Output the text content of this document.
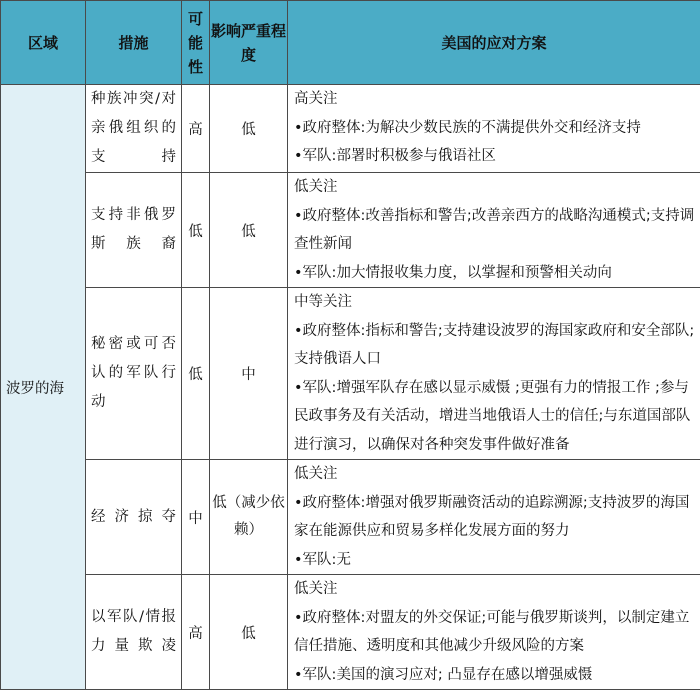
区域	措施	可能性	影响严重程度	美国的应对方案
波罗的海	种族冲突/对亲俄组织的支持	高	低	高关注
•政府整体:为解决少数民族的不满提供外交和经济支持
•军队:部署时积极参与俄语社区

	支持非俄罗斯族裔	低	低	低关注
•政府整体:改善指标和警告;改善亲西方的战略沟通模式;支持调查性新闻
•军队:加大情报收集力度，以掌握和预警相关动向

	秘密或可否认的军队行动	低	中	中等关注
•政府整体:指标和警告;支持建设波罗的海国家政府和安全部队;支持俄语人口
•军队:增强军队存在感以显示威慑 ;更强有力的情报工作 ;参与民政事务及有关活动，增进当地俄语人士的信任;与东道国部队进行演习，以确保对各种突发事件做好准备

	经济掠夺	中	低（减少依赖）	低关注
•政府整体:增强对俄罗斯融资活动的追踪溯源;支持波罗的海国家在能源供应和贸易多样化发展方面的努力
•军队:无

	以军队/情报力量欺凌	高	低	低关注
•政府整体:对盟友的外交保证;可能与俄罗斯谈判，以制定建立信任措施、透明度和其他减少升级风险的方案
•军队:美国的演习应对; 凸显存在感以增强威慑
